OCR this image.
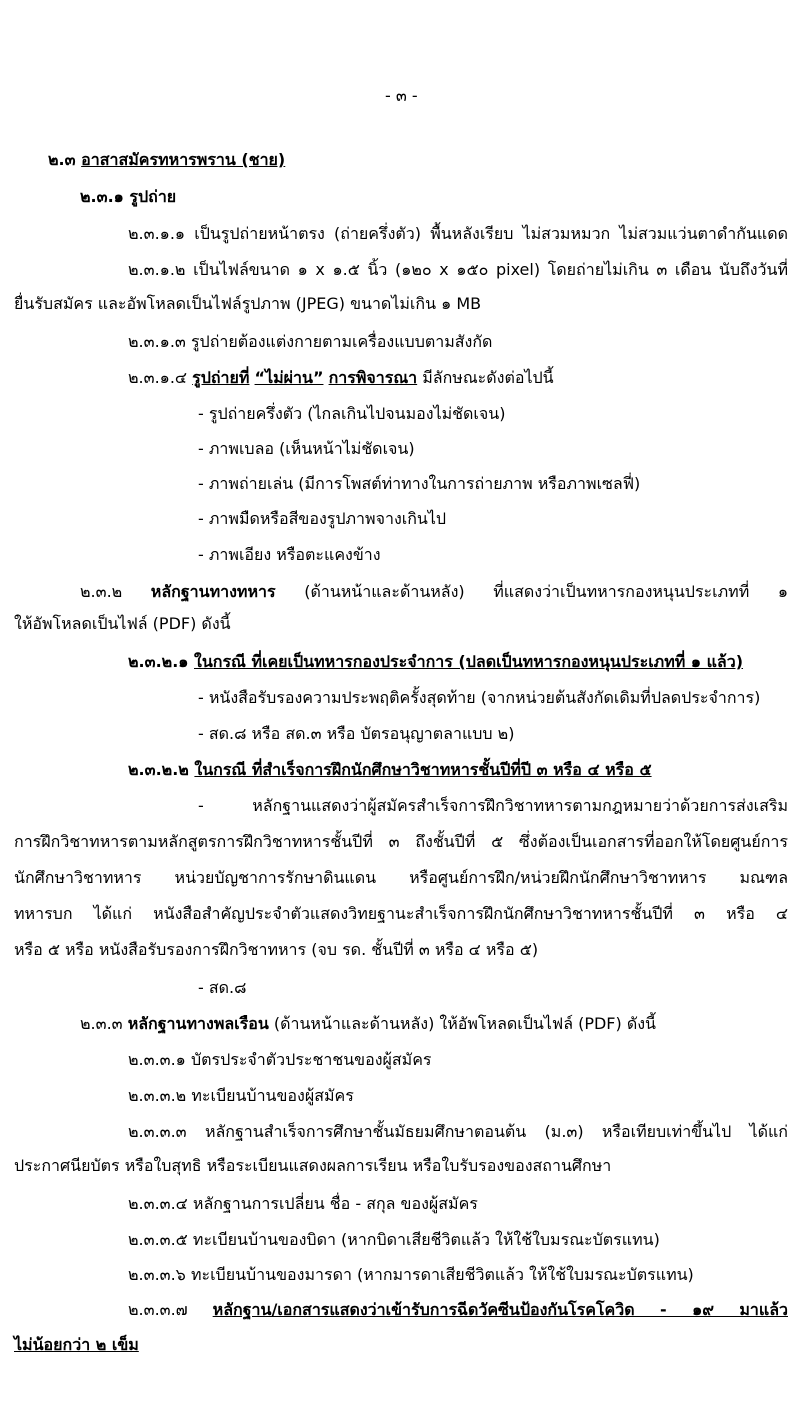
- ๓ -
๒.๓ อาสาสมัครทหารพราน (ชาย)
๒.๓.๑ รูปถ่าย
๒.๓.๑.๑ เป็นรูปถ่ายหน้าตรง (ถ่ายครึ่งตัว) พื้นหลังเรียบ ไม่สวมหมวก ไม่สวมแว่นตาดำกันแดด
๒.๓.๑.๒ เป็นไฟล์ขนาด ๑ x ๑.๕ นิ้ว (๑๒๐ x ๑๕๐ pixel) โดยถ่ายไม่เกิน ๓ เดือน นับถึงวันที่
ยื่นรับสมัคร และอัพโหลดเป็นไฟล์รูปภาพ (JPEG) ขนาดไม่เกิน ๑ MB
๒.๓.๑.๓ รูปถ่ายต้องแต่งกายตามเครื่องแบบตามสังกัด
๒.๓.๑.๔ รูปถ่ายที่ “ไม่ผ่าน” การพิจารณา มีลักษณะดังต่อไปนี้
- รูปถ่ายครึ่งตัว (ไกลเกินไปจนมองไม่ชัดเจน)
- ภาพเบลอ (เห็นหน้าไม่ชัดเจน)
- ภาพถ่ายเล่น (มีการโพสต์ท่าทางในการถ่ายภาพ หรือภาพเซลฟี่)
- ภาพมืดหรือสีของรูปภาพจางเกินไป
- ภาพเอียง หรือตะแคงข้าง
๒.๓.๒ หลักฐานทางทหาร (ด้านหน้าและด้านหลัง) ที่แสดงว่าเป็นทหารกองหนุนประเภทที่ ๑
ให้อัพโหลดเป็นไฟล์ (PDF) ดังนี้
๒.๓.๒.๑ ในกรณี ที่เคยเป็นทหารกองประจำการ (ปลดเป็นทหารกองหนุนประเภทที่ ๑ แล้ว)
- หนังสือรับรองความประพฤติครั้งสุดท้าย (จากหน่วยต้นสังกัดเดิมที่ปลดประจำการ)
- สด.๘ หรือ สด.๓ หรือ บัตรอนุญาตลาแบบ ๒)
๒.๓.๒.๒ ในกรณี ที่สำเร็จการฝึกนักศึกษาวิชาทหารชั้นปีที่ปี ๓ หรือ ๔ หรือ ๕
- หลักฐานแสดงว่าผู้สมัครสำเร็จการฝึกวิชาทหารตามกฎหมายว่าด้วยการส่งเสริม
การฝึกวิชาทหารตามหลักสูตรการฝึกวิชาทหารชั้นปีที่ ๓ ถึงชั้นปีที่ ๕ ซึ่งต้องเป็นเอกสารที่ออกให้โดยศูนย์การ
นักศึกษาวิชาทหาร หน่วยบัญชาการรักษาดินแดน หรือศูนย์การฝึก/หน่วยฝึกนักศึกษาวิชาทหาร มณฑล
ทหารบก ได้แก่ หนังสือสำคัญประจำตัวแสดงวิทยฐานะสำเร็จการฝึกนักศึกษาวิชาทหารชั้นปีที่ ๓ หรือ ๔
หรือ ๕ หรือ หนังสือรับรองการฝึกวิชาทหาร (จบ รด. ชั้นปีที่ ๓ หรือ ๔ หรือ ๕)
- สด.๘
๒.๓.๓ หลักฐานทางพลเรือน (ด้านหน้าและด้านหลัง) ให้อัพโหลดเป็นไฟล์ (PDF) ดังนี้
๒.๓.๓.๑ บัตรประจำตัวประชาชนของผู้สมัคร
๒.๓.๓.๒ ทะเบียนบ้านของผู้สมัคร
๒.๓.๓.๓ หลักฐานสำเร็จการศึกษาชั้นมัธยมศึกษาตอนต้น (ม.๓) หรือเทียบเท่าขึ้นไป ได้แก่
ประกาศนียบัตร หรือใบสุทธิ หรือระเบียนแสดงผลการเรียน หรือใบรับรองของสถานศึกษา
๒.๓.๓.๔ หลักฐานการเปลี่ยน ชื่อ - สกุล ของผู้สมัคร
๒.๓.๓.๕ ทะเบียนบ้านของบิดา (หากบิดาเสียชีวิตแล้ว ให้ใช้ใบมรณะบัตรแทน)
๒.๓.๓.๖ ทะเบียนบ้านของมารดา (หากมารดาเสียชีวิตแล้ว ให้ใช้ใบมรณะบัตรแทน)
๒.๓.๓.๗ หลักฐาน/เอกสารแสดงว่าเข้ารับการฉีดวัคซีนป้องกันโรคโควิด - ๑๙ มาแล้ว
ไม่น้อยกว่า ๒ เข็ม
